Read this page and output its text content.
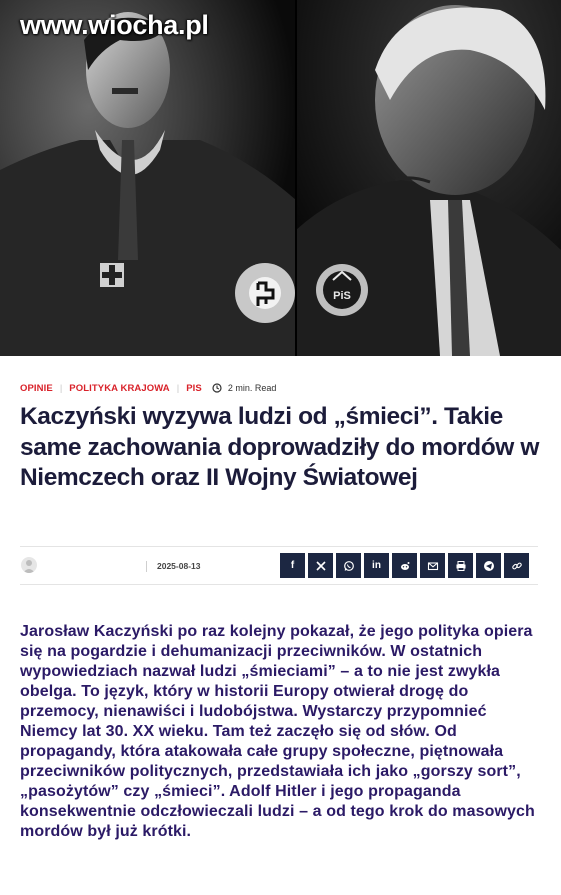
PiS
www.wiocha.pl
OPINIE | POLITYKA KRAJOWA | PIS	2 min. Read
Kaczyński wyzywa ludzi od „śmieci”. Takie same zachowania doprowadziły do mordów w Niemczech oraz II Wojny Światowej
2025-08-13	f	in

Jarosław Kaczyński po raz kolejny pokazał, że jego polityka opiera się na pogardzie i dehumanizacji przeciwników. W ostatnich wypowiedziach nazwał ludzi „śmieciami” – a to nie jest zwykła obelga. To język, który w historii Europy otwierał drogę do przemocy, nienawiści i ludobójstwa. Wystarczy przypomnieć Niemcy lat 30. XX wieku. Tam też zaczęło się od słów. Od propagandy, która atakowała całe grupy społeczne, piętnowała przeciwników politycznych, przedstawiała ich jako „gorszy sort”, „pasożytów” czy „śmieci”. Adolf Hitler i jego propaganda konsekwentnie odczłowieczali ludzi – a od tego krok do masowych mordów był już krótki.
